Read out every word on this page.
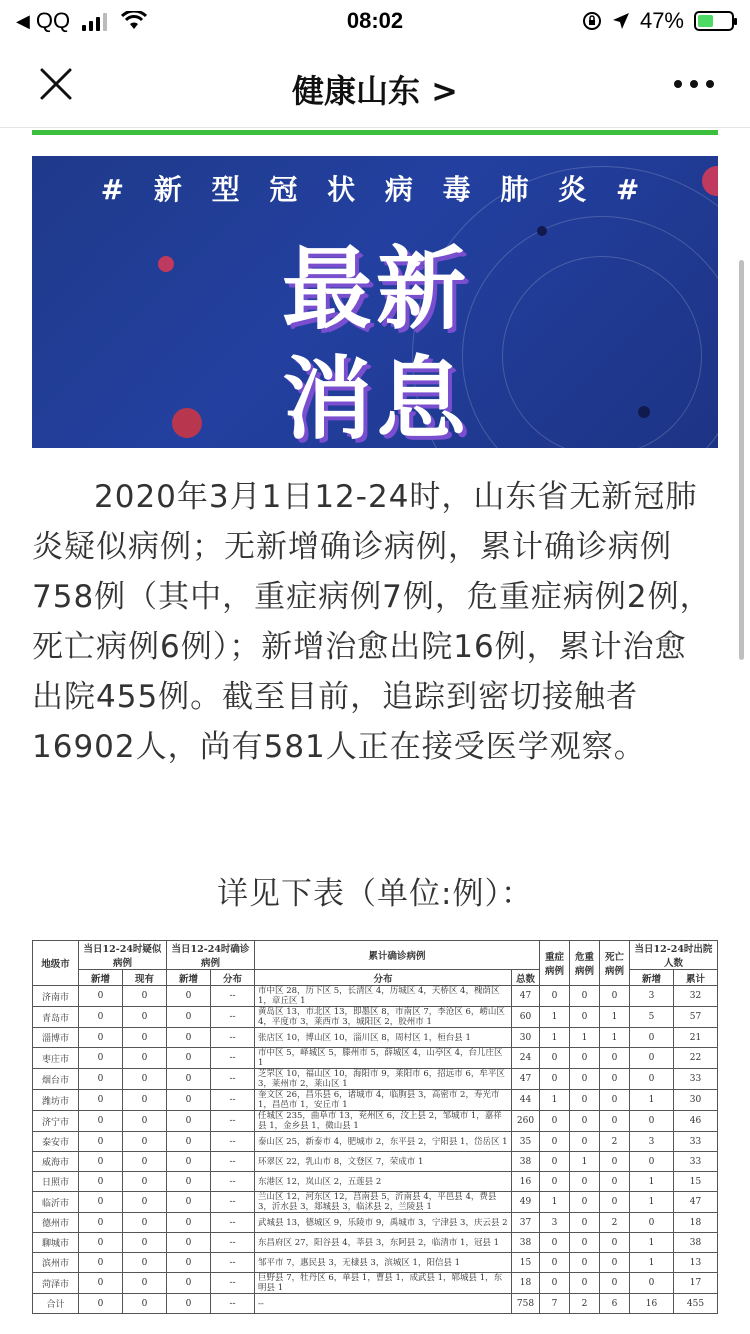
◀ QQ	08:02	47%
健康山东 >
# 新 型 冠 状 病 毒 肺 炎 #
最新
消息

2020年3月1日12-24时，山东省无新冠肺炎疑似病例；无新增确诊病例，累计确诊病例758例（其中，重症病例7例，危重症病例2例，死亡病例6例）；新增治愈出院16例，累计治愈出院455例。截至目前，追踪到密切接触者16902人，尚有581人正在接受医学观察。

详见下表（单位:例）：
地级市	当日12-24时疑似病例		当日12-24时确诊病例		累计确诊病例		重症病例	危重病例	死亡病例	当日12-24时出院人数	
	新增	现有	新增	分布	分布	总数				新增	累计
济南市	0	0	0	--	市中区 28，历下区 5，长清区 4，历城区 4，天桥区 4，槐荫区 1，章丘区 1	47	0	0	0	3	32
青岛市	0	0	0	--	黄岛区 13，市北区 13，即墨区 8，市南区 7，李沧区 6，崂山区 4，平度市 3，莱西市 3，城阳区 2，胶州市 1	60	1	0	1	5	57
淄博市	0	0	0	--	张店区 10，博山区 10，淄川区 8，周村区 1，桓台县 1	30	1	1	1	0	21
枣庄市	0	0	0	--	市中区 5，峄城区 5，滕州市 5，薛城区 4，山亭区 4，台儿庄区 1	24	0	0	0	0	22
烟台市	0	0	0	--	芝罘区 10，福山区 10，海阳市 9，莱阳市 6，招远市 6，牟平区 3，莱州市 2，莱山区 1	47	0	0	0	0	33
潍坊市	0	0	0	--	奎文区 26，昌乐县 6，诸城市 4，临朐县 3，高密市 2，寿光市 1，昌邑市 1，安丘市 1	44	1	0	0	1	30
济宁市	0	0	0	--	任城区 235，曲阜市 13，兖州区 6，汶上县 2，邹城市 1，嘉祥县 1，金乡县 1，微山县 1	260	0	0	0	0	46
泰安市	0	0	0	--	泰山区 25，新泰市 4，肥城市 2，东平县 2，宁阳县 1，岱岳区 1	35	0	0	2	3	33
威海市	0	0	0	--	环翠区 22，乳山市 8，文登区 7，荣成市 1	38	0	1	0	0	33
日照市	0	0	0	--	东港区 12，岚山区 2，五莲县 2	16	0	0	0	1	15
临沂市	0	0	0	--	兰山区 12，河东区 12，莒南县 5，沂南县 4，平邑县 4，费县 3，沂水县 3，郯城县 3，临沭县 2，兰陵县 1	49	1	0	0	1	47
德州市	0	0	0	--	武城县 13，德城区 9，乐陵市 9，禹城市 3，宁津县 3，庆云县 2	37	3	0	2	0	18
聊城市	0	0	0	--	东昌府区 27，阳谷县 4，莘县 3，东阿县 2，临清市 1，冠县 1	38	0	0	0	1	38
滨州市	0	0	0	--	邹平市 7，惠民县 3，无棣县 3，滨城区 1，阳信县 1	15	0	0	0	1	13
菏泽市	0	0	0	--	巨野县 7，牡丹区 6，单县 1，曹县 1，成武县 1，郓城县 1，东明县 1	18	0	0	0	0	17
合计	0	0	0	--	--	758	7	2	6	16	455
